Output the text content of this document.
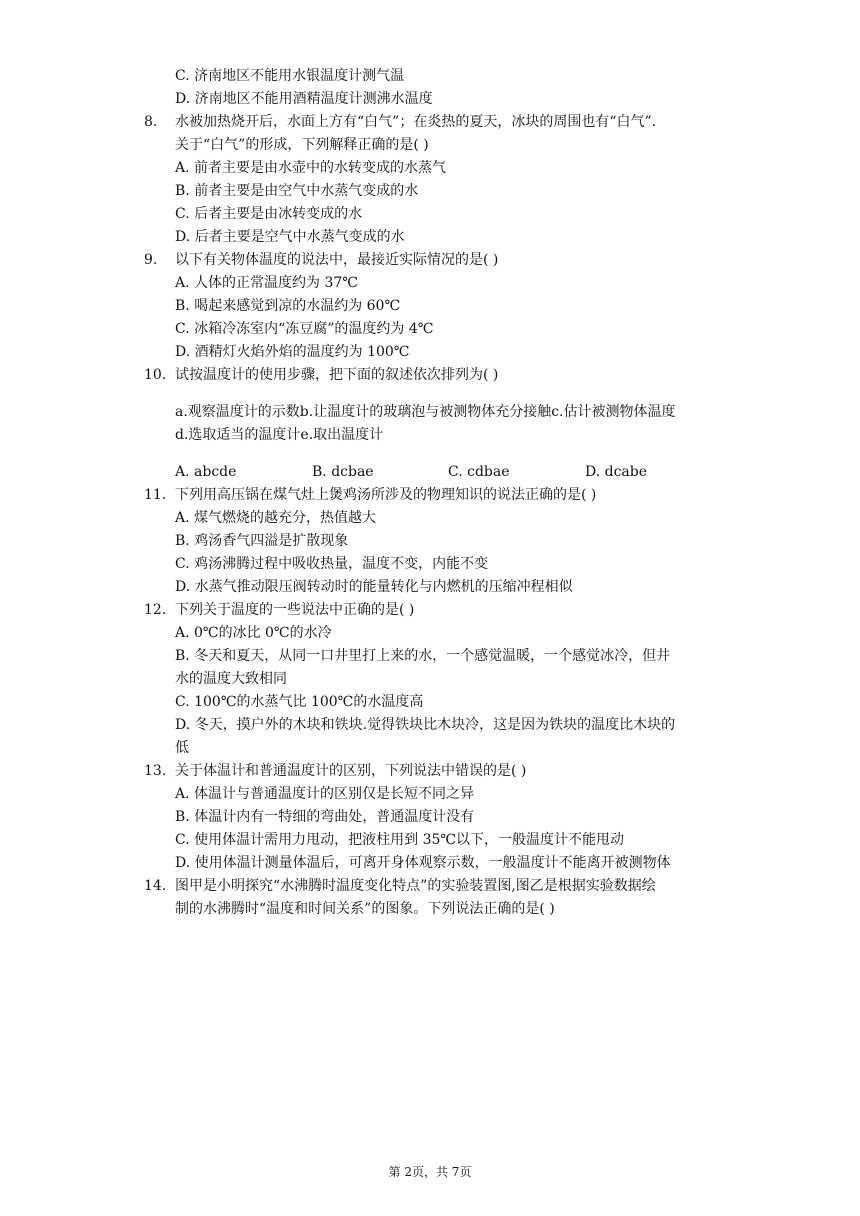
C. 济南地区不能用水银温度计测气温
D. 济南地区不能用酒精温度计测沸水温度
8. 水被加热烧开后，水面上方有“白气”；在炎热的夏天，冰块的周围也有“白气”．
关于“白气”的形成，下列解释正确的是( )
A. 前者主要是由水壶中的水转变成的水蒸气
B. 前者主要是由空气中水蒸气变成的水
C. 后者主要是由冰转变成的水
D. 后者主要是空气中水蒸气变成的水
9. 以下有关物体温度的说法中，最接近实际情况的是( )
A. 人体的正常温度约为 37℃
B. 喝起来感觉到凉的水温约为 60℃
C. 冰箱冷冻室内“冻豆腐”的温度约为 4℃
D. 酒精灯火焰外焰的温度约为 100℃
10. 试按温度计的使用步骤，把下面的叙述依次排列为( )
a.观察温度计的示数b.让温度计的玻璃泡与被测物体充分接触c.估计被测物体温度
d.选取适当的温度计e.取出温度计
A. abcde	B. dcbae	C. cdbae	D. dcabe
11. 下列用高压锅在煤气灶上煲鸡汤所涉及的物理知识的说法正确的是( )
A. 煤气燃烧的越充分，热值越大
B. 鸡汤香气四溢是扩散现象
C. 鸡汤沸腾过程中吸收热量，温度不变，内能不变
D. 水蒸气推动限压阀转动时的能量转化与内燃机的压缩冲程相似
12. 下列关于温度的一些说法中正确的是( )
A. 0℃的冰比 0℃的水冷
B. 冬天和夏天，从同一口井里打上来的水，一个感觉温暖，一个感觉冰冷，但井
水的温度大致相同
C. 100℃的水蒸气比 100℃的水温度高
D. 冬天，摸户外的木块和铁块.觉得铁块比木块冷，这是因为铁块的温度比木块的
低
13. 关于体温计和普通温度计的区别，下列说法中错误的是( )
A. 体温计与普通温度计的区别仅是长短不同之异
B. 体温计内有一特细的弯曲处，普通温度计没有
C. 使用体温计需用力甩动，把液柱用到 35℃以下，一般温度计不能甩动
D. 使用体温计测量体温后，可离开身体观察示数，一般温度计不能离开被测物体
14. 图甲是小明探究“水沸腾时温度变化特点”的实验装置图,图乙是根据实验数据绘
制的水沸腾时“温度和时间关系”的图象。下列说法正确的是( )
第 2页，共 7页
